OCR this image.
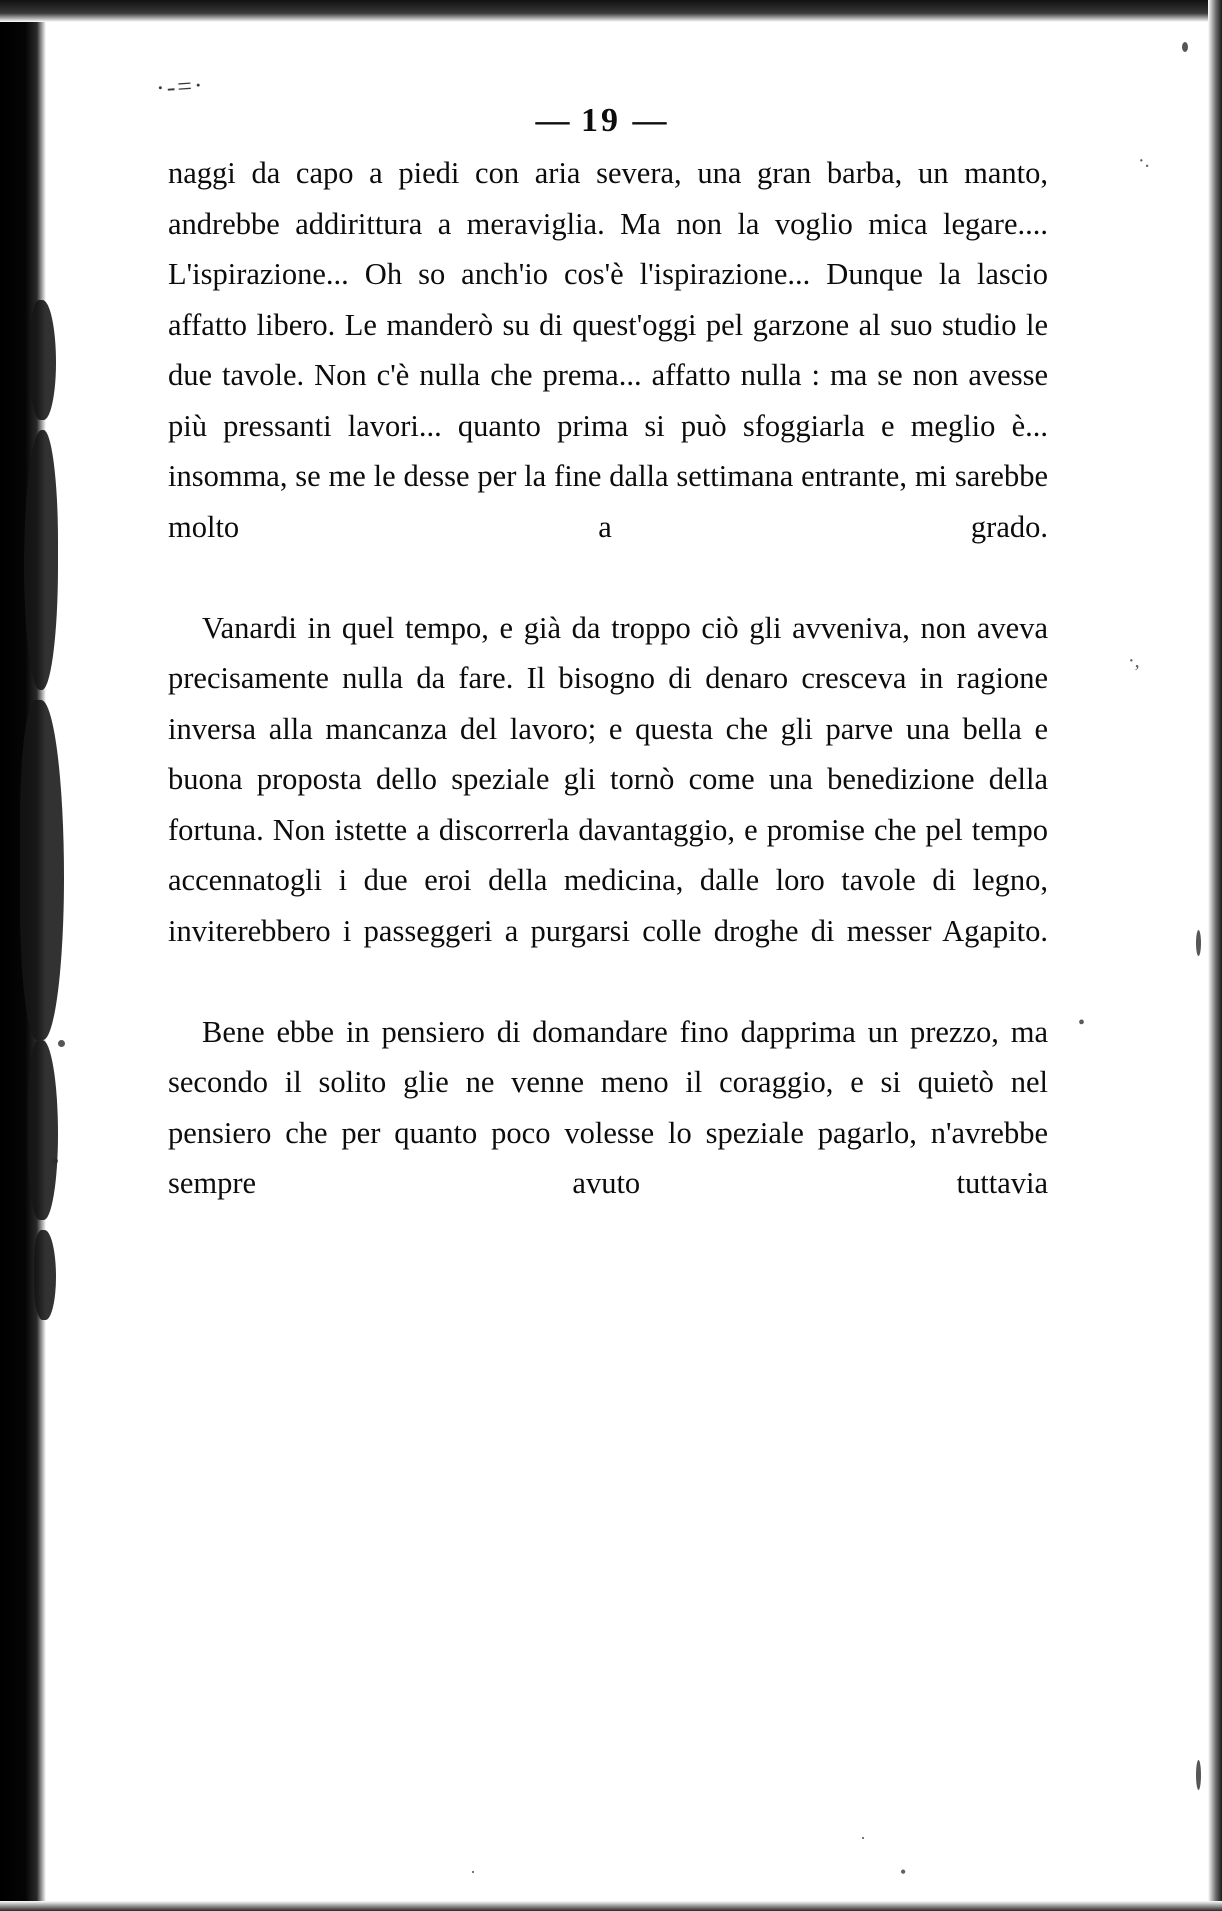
·.
·,
•
·
·
•
·-=·
— 19 —

naggi da capo a piedi con aria severa, una gran barba, un manto, andrebbe addirittura a meraviglia. Ma non la voglio mica legare.... L'ispirazione... Oh so anch'io cos'è l'ispirazione... Dunque la lascio affatto libero. Le manderò su di quest'oggi pel garzone al suo studio le due tavole. Non c'è nulla che prema... affatto nulla : ma se non avesse più pressanti lavori... quanto prima si può sfoggiarla e meglio è... insomma, se me le desse per la fine dalla settimana entrante, mi sarebbe molto a grado.

Vanardi in quel tempo, e già da troppo ciò gli avveniva, non aveva precisamente nulla da fare. Il bisogno di denaro cresceva in ragione inversa alla mancanza del lavoro; e questa che gli parve una bella e buona proposta dello speziale gli tornò come una benedizione della fortuna. Non istette a discorrerla davantaggio, e promise che pel tempo accennatogli i due eroi della medicina, dalle loro tavole di legno, inviterebbero i passeggeri a purgarsi colle droghe di messer Agapito.

Bene ebbe in pensiero di domandare fino dapprima un prezzo, ma secondo il solito glie ne venne meno il coraggio, e si quietò nel pensiero che per quanto poco volesse lo speziale pagarlo, n'avrebbe sempre avuto tuttavia
